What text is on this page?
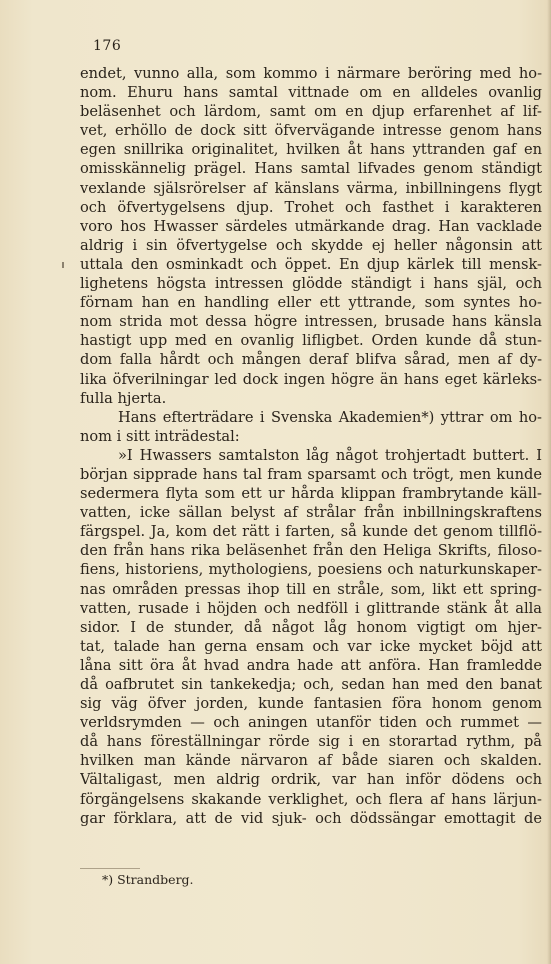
176
endet, vunno alla, som kommo i närmare beröring med ho-
nom. Ehuru hans samtal vittnade om en alldeles ovanlig
beläsenhet och lärdom, samt om en djup erfarenhet af lif-
vet, erhöllo de dock sitt öfvervägande intresse genom hans
egen snillrika originalitet, hvilken åt hans yttranden gaf en
omisskännelig prägel. Hans samtal lifvades genom ständigt
vexlande själsrörelser af känslans värma, inbillningens flygt
och öfvertygelsens djup. Trohet och fasthet i karakteren
voro hos Hwasser särdeles utmärkande drag. Han vacklade
aldrig i sin öfvertygelse och skydde ej heller någonsin att
uttala den osminkadt och öppet. En djup kärlek till mensk-
lighetens högsta intressen glödde ständigt i hans själ, och
förnam han en handling eller ett yttrande, som syntes ho-
nom strida mot dessa högre intressen, brusade hans känsla
hastigt upp med en ovanlig lifligbet. Orden kunde då stun-
dom falla hårdt och mången deraf blifva sårad, men af dy-
lika öfverilningar led dock ingen högre än hans eget kärleks-
fulla hjerta.
Hans efterträdare i Svenska Akademien*) yttrar om ho-
nom i sitt inträdestal:
»I Hwassers samtalston låg något trohjertadt buttert. I
början sipprade hans tal fram sparsamt och trögt, men kunde
sedermera flyta som ett ur hårda klippan frambrytande käll-
vatten, icke sällan belyst af strålar från inbillningskraftens
färgspel. Ja, kom det rätt i farten, så kunde det genom tillflö-
den från hans rika beläsenhet från den Heliga Skrifts, filoso-
fiens, historiens, mythologiens, poesiens och naturkunskaper-
nas områden pressas ihop till en stråle, som, likt ett spring-
vatten, rusade i höjden och nedföll i glittrande stänk åt alla
sidor. I de stunder, då något låg honom vigtigt om hjer-
tat, talade han gerna ensam och var icke mycket böjd att
låna sitt öra åt hvad andra hade att anföra. Han framledde
då oafbrutet sin tankekedja; och, sedan han med den banat
sig väg öfver jorden, kunde fantasien föra honom genom
verldsrymden — och aningen utanför tiden och rummet —
då hans föreställningar rörde sig i en storartad rythm, på
hvilken man kände närvaron af både siaren och skalden.
Vältaligast, men aldrig ordrik, var han inför dödens och
förgängelsens skakande verklighet, och flera af hans lärjun-
gar förklara, att de vid sjuk- och dödssängar emottagit de
*) Strandberg.
